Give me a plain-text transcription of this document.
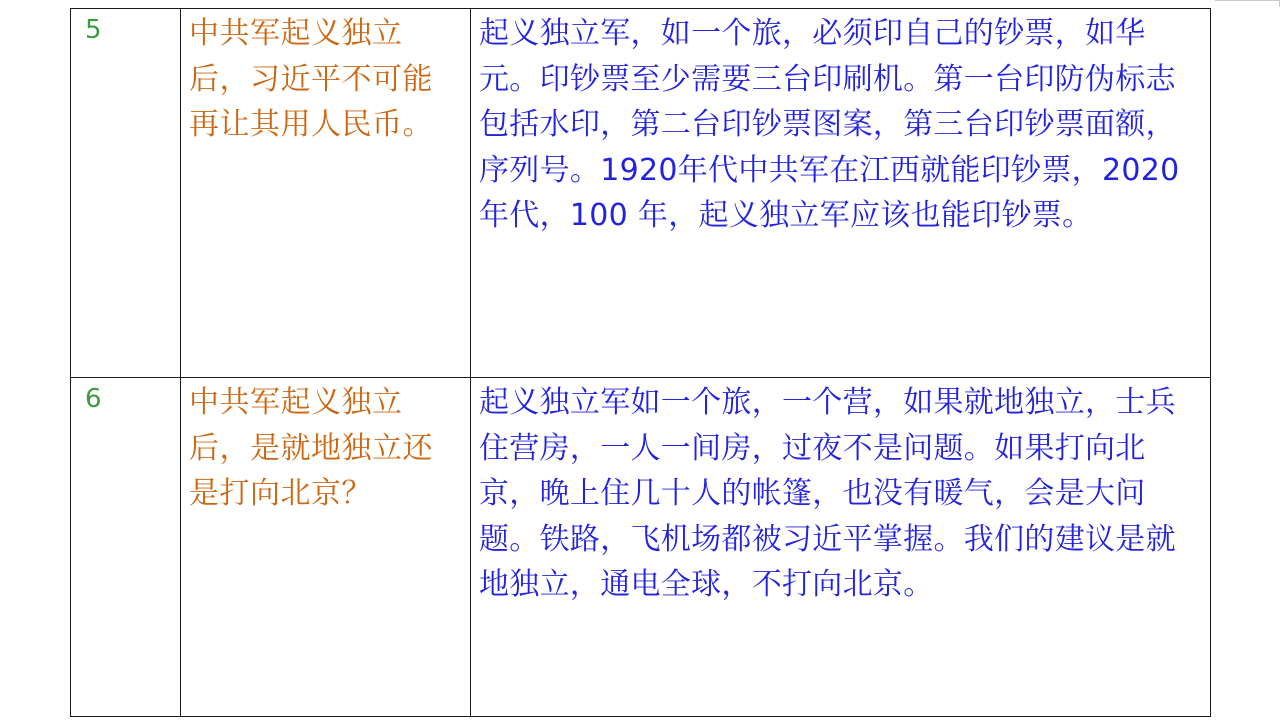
5	中共军起义独立后，习近平不可能再让其用人民币。	起义独立军，如一个旅，必须印自己的钞票，如华元。印钞票至少需要三台印刷机。第一台印防伪标志包括水印，第二台印钞票图案，第三台印钞票面额，序列号。1920年代中共军在江西就能印钞票，2020 年代，100 年，起义独立军应该也能印钞票。

6	中共军起义独立后，是就地独立还是打向北京？	起义独立军如一个旅，一个营，如果就地独立，士兵住营房，一人一间房，过夜不是问题。如果打向北京，晚上住几十人的帐篷，也没有暖气，会是大问题。铁路，飞机场都被习近平掌握。我们的建议是就地独立，通电全球，不打向北京。
